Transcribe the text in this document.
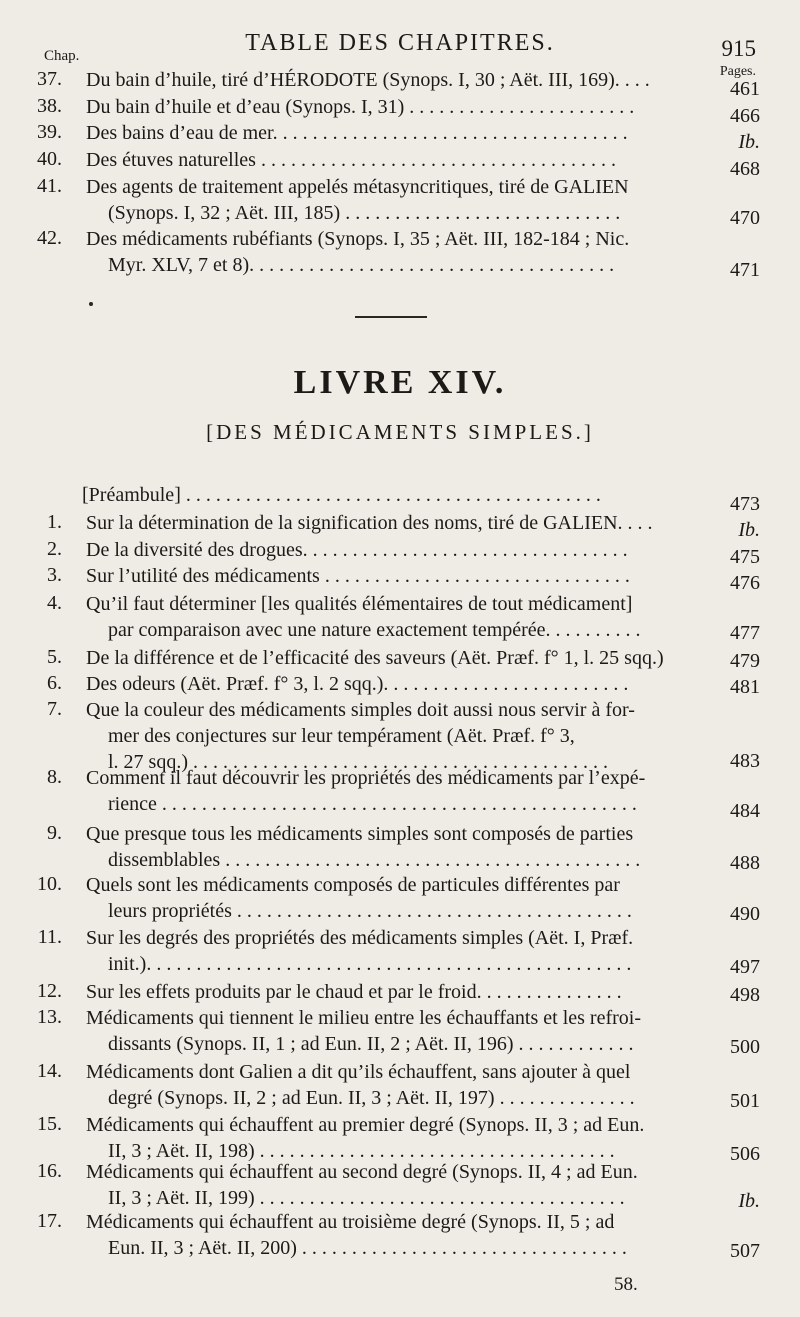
TABLE DES CHAPITRES.	915
Chap.
Pages.
37. Du bain d’huile, tiré d’HÉRODOTE (Synops. I, 30 ; Aët. III, 169). . . .	461
38. Du bain d’huile et d’eau (Synops. I, 31) . . . . . . . . . . . . . . . . . . . . . . .	466
39. Des bains d’eau de mer. . . . . . . . . . . . . . . . . . . . . . . . . . . . . . . . . . . .	Ib.
40. Des étuves naturelles . . . . . . . . . . . . . . . . . . . . . . . . . . . . . . . . . . . .	468
41. Des agents de traitement appelés métasyncritiques, tiré de GALIEN
(Synops. I, 32 ; Aët. III, 185) . . . . . . . . . . . . . . . . . . . . . . . . . . . .	470
42. Des médicaments rubéfiants (Synops. I, 35 ; Aët. III, 182-184 ; Nic.
Myr. XLV, 7 et 8). . . . . . . . . . . . . . . . . . . . . . . . . . . . . . . . . . . . .	471
LIVRE XIV.
[DES MÉDICAMENTS SIMPLES.]
[Préambule] . . . . . . . . . . . . . . . . . . . . . . . . . . . . . . . . . . . . . . . . . .	473
1. Sur la détermination de la signification des noms, tiré de GALIEN. . . .	Ib.
2. De la diversité des drogues. . . . . . . . . . . . . . . . . . . . . . . . . . . . . . . . .	475
3. Sur l’utilité des médicaments . . . . . . . . . . . . . . . . . . . . . . . . . . . . . . .	476
4. Qu’il faut déterminer [les qualités élémentaires de tout médicament]
par comparaison avec une nature exactement tempérée. . . . . . . . . .	477
5. De la différence et de l’efficacité des saveurs (Aët. Præf. f° 1, l. 25 sqq.)	479
6. Des odeurs (Aët. Præf. f° 3, l. 2 sqq.). . . . . . . . . . . . . . . . . . . . . . . . .	481
7. Que la couleur des médicaments simples doit aussi nous servir à for-
mer des conjectures sur leur tempérament (Aët. Præf. f° 3,
l. 27 sqq.) . . . . . . . . . . . . . . . . . . . . . . . . . . . . . . . . . . . . . . . . . .	483
8. Comment il faut découvrir les propriétés des médicaments par l’expé-
rience . . . . . . . . . . . . . . . . . . . . . . . . . . . . . . . . . . . . . . . . . . . . . . . .	484
9. Que presque tous les médicaments simples sont composés de parties
dissemblables . . . . . . . . . . . . . . . . . . . . . . . . . . . . . . . . . . . . . . . . . .	488
10. Quels sont les médicaments composés de particules différentes par
leurs propriétés . . . . . . . . . . . . . . . . . . . . . . . . . . . . . . . . . . . . . . . .	490
11. Sur les degrés des propriétés des médicaments simples (Aët. I, Præf.
init.). . . . . . . . . . . . . . . . . . . . . . . . . . . . . . . . . . . . . . . . . . . . . . . . .	497
12. Sur les effets produits par le chaud et par le froid. . . . . . . . . . . . . . .	498
13. Médicaments qui tiennent le milieu entre les échauffants et les refroi-
dissants (Synops. II, 1 ; ad Eun. II, 2 ; Aët. II, 196) . . . . . . . . . . . .	500
14. Médicaments dont Galien a dit qu’ils échauffent, sans ajouter à quel
degré (Synops. II, 2 ; ad Eun. II, 3 ; Aët. II, 197) . . . . . . . . . . . . . .	501
15. Médicaments qui échauffent au premier degré (Synops. II, 3 ; ad Eun.
II, 3 ; Aët. II, 198) . . . . . . . . . . . . . . . . . . . . . . . . . . . . . . . . . . . .	506
16. Médicaments qui échauffent au second degré (Synops. II, 4 ; ad Eun.
II, 3 ; Aët. II, 199) . . . . . . . . . . . . . . . . . . . . . . . . . . . . . . . . . . . . .	Ib.
17. Médicaments qui échauffent au troisième degré (Synops. II, 5 ; ad
Eun. II, 3 ; Aët. II, 200) . . . . . . . . . . . . . . . . . . . . . . . . . . . . . . . . .	507
58.
